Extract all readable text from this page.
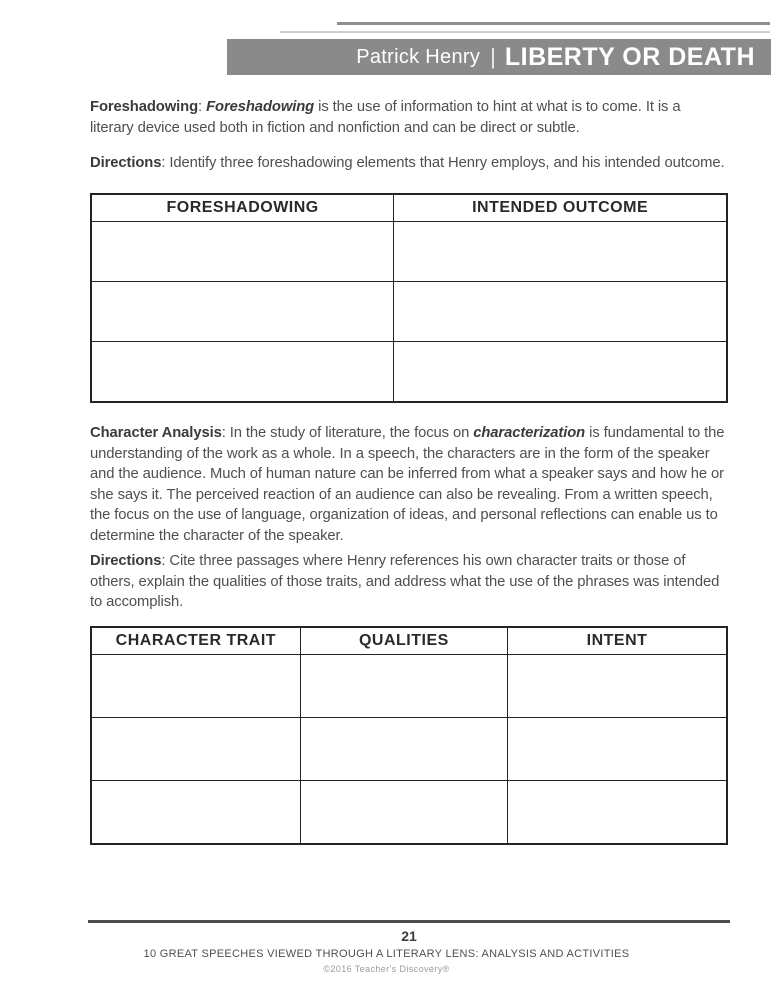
Patrick Henry | LIBERTY OR DEATH

Foreshadowing: Foreshadowing is the use of information to hint at what is to come. It is a literary device used both in fiction and nonfiction and can be direct or subtle.

Directions: Identify three foreshadowing elements that Henry employs, and his intended outcome.

FORESHADOWING	INTENDED OUTCOME

Character Analysis: In the study of literature, the focus on characterization is fundamental to the understanding of the work as a whole. In a speech, the characters are in the form of the speaker and the audience. Much of human nature can be inferred from what a speaker says and how he or she says it. The perceived reaction of an audience can also be revealing. From a written speech, the focus on the use of language, organization of ideas, and personal reflections can enable us to determine the character of the speaker.

Directions: Cite three passages where Henry references his own character traits or those of others, explain the qualities of those traits, and address what the use of the phrases was intended to accomplish.

CHARACTER TRAIT	QUALITIES	INTENT

21
10 GREAT SPEECHES VIEWED THROUGH A LITERARY LENS: ANALYSIS AND ACTIVITIES
©2016 Teacher's Discovery®
